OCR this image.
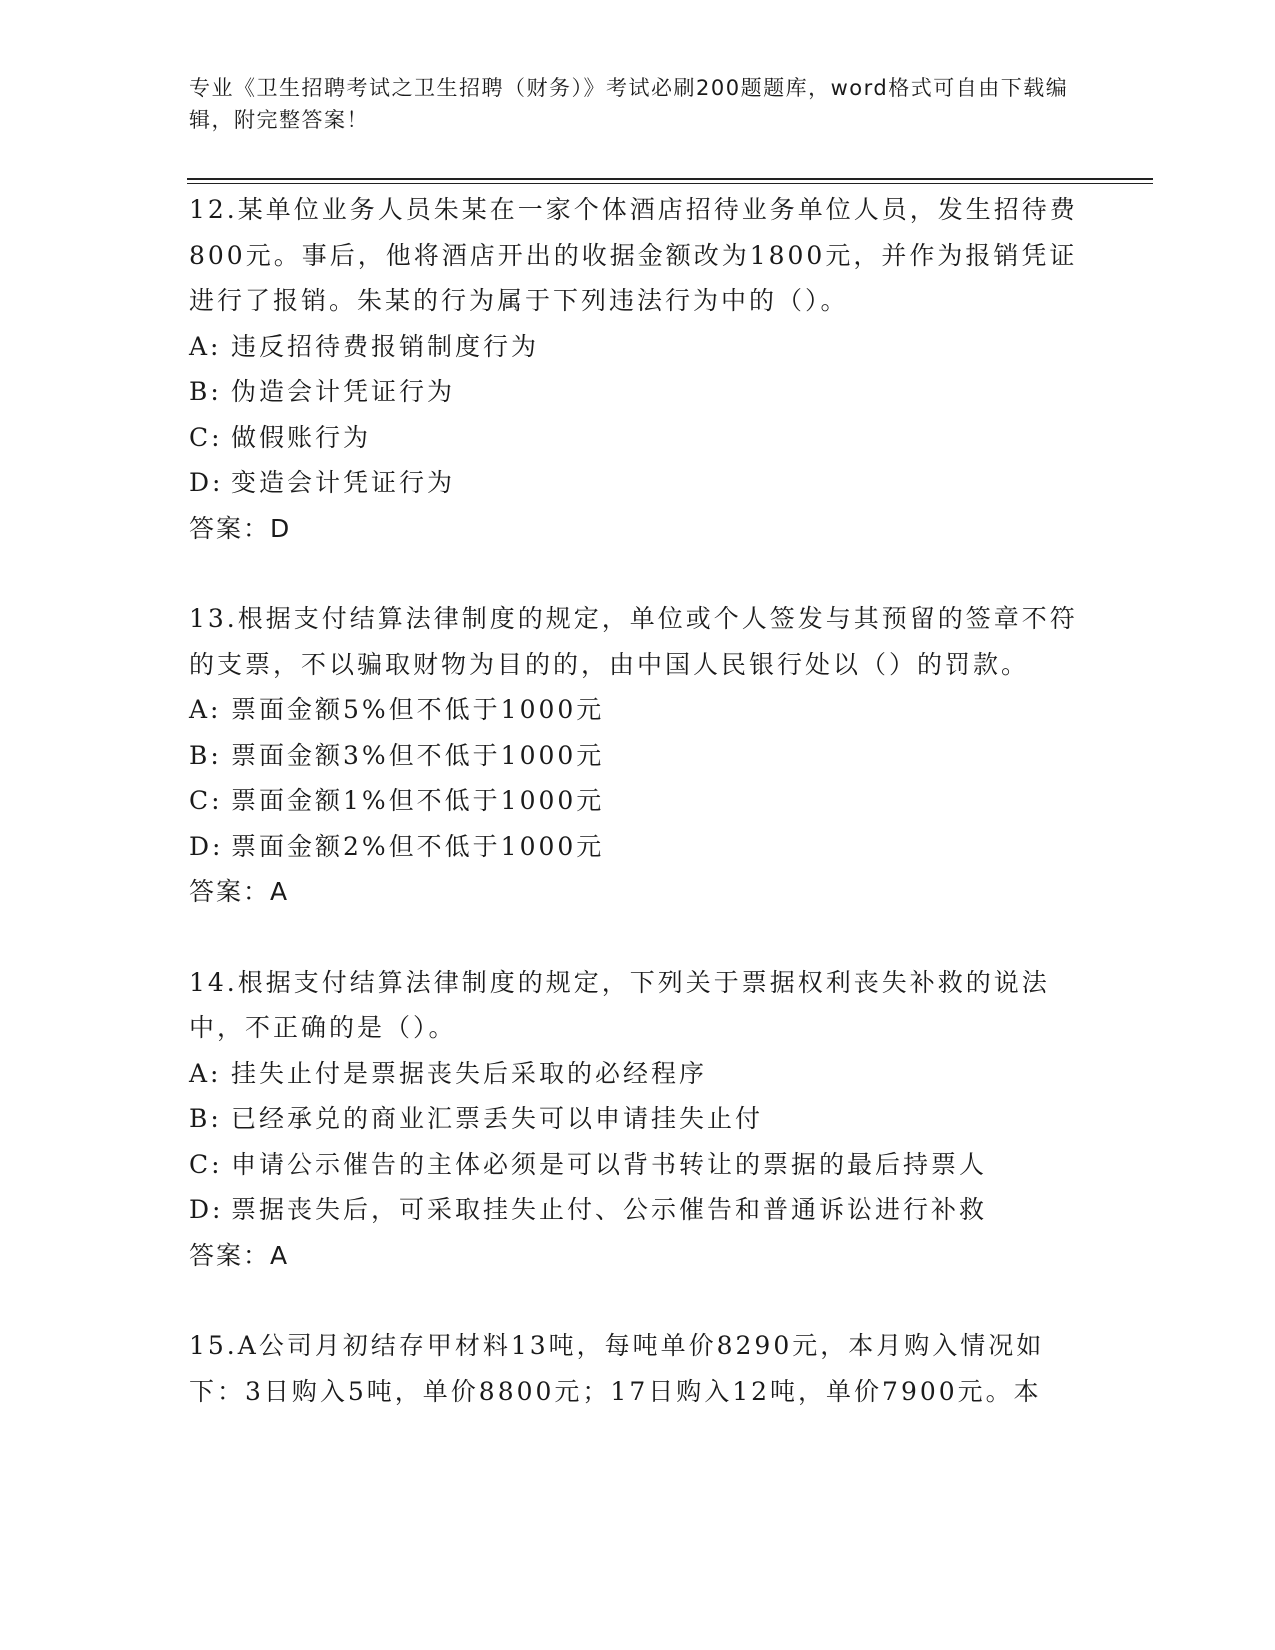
专业《卫生招聘考试之卫生招聘（财务）》考试必刷200题题库，word格式可自由下载编辑，附完整答案！

12.某单位业务人员朱某在一家个体酒店招待业务单位人员，发生招待费800元。事后，他将酒店开出的收据金额改为1800元，并作为报销凭证进行了报销。朱某的行为属于下列违法行为中的（）。

A: 违反招待费报销制度行为

B: 伪造会计凭证行为

C: 做假账行为

D: 变造会计凭证行为

答案：D

13.根据支付结算法律制度的规定，单位或个人签发与其预留的签章不符的支票，不以骗取财物为目的的，由中国人民银行处以（）的罚款。

A: 票面金额5%但不低于1000元

B: 票面金额3%但不低于1000元

C: 票面金额1%但不低于1000元

D: 票面金额2%但不低于1000元

答案：A

14.根据支付结算法律制度的规定，下列关于票据权利丧失补救的说法中，不正确的是（）。

A: 挂失止付是票据丧失后采取的必经程序

B: 已经承兑的商业汇票丢失可以申请挂失止付

C: 申请公示催告的主体必须是可以背书转让的票据的最后持票人

D: 票据丧失后，可采取挂失止付、公示催告和普通诉讼进行补救

答案：A

15.A公司月初结存甲材料13吨，每吨单价8290元，本月购入情况如下：3日购入5吨，单价8800元；17日购入12吨，单价7900元。本
